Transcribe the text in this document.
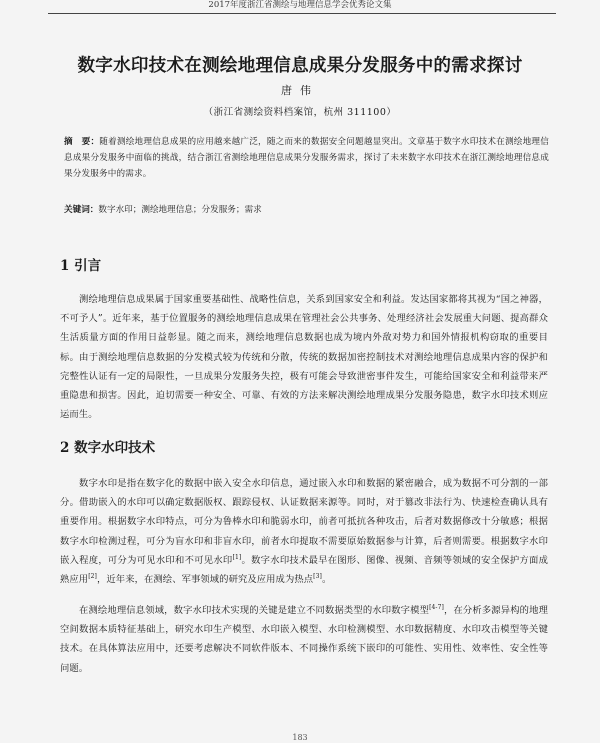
2017年度浙江省测绘与地理信息学会优秀论文集
数字水印技术在测绘地理信息成果分发服务中的需求探讨
唐伟
（浙江省测绘资料档案馆，杭州 311100）
摘　要：随着测绘地理信息成果的应用越来越广泛，随之而来的数据安全问题越显突出。文章基于数字水印技术在测绘地理信息成果分发服务中面临的挑战，结合浙江省测绘地理信息成果分发服务需求，探讨了未来数字水印技术在浙江测绘地理信息成果分发服务中的需求。
关键词：数字水印；测绘地理信息；分发服务；需求
1 引言
测绘地理信息成果属于国家重要基础性、战略性信息，关系到国家安全和利益。发达国家都将其视为“国之神器，不可予人”。近年来，基于位置服务的测绘地理信息成果在管理社会公共事务、处理经济社会发展重大问题、提高群众生活质量方面的作用日益彰显。随之而来，测绘地理信息数据也成为境内外敌对势力和国外情报机构窃取的重要目标。由于测绘地理信息数据的分发模式较为传统和分散，传统的数据加密控制技术对测绘地理信息成果内容的保护和完整性认证有一定的局限性，一旦成果分发服务失控，极有可能会导致泄密事件发生，可能给国家安全和利益带来严重隐患和损害。因此，迫切需要一种安全、可靠、有效的方法来解决测绘地理成果分发服务隐患，数字水印技术则应运而生。
2 数字水印技术
数字水印是指在数字化的数据中嵌入安全水印信息，通过嵌入水印和数据的紧密融合，成为数据不可分割的一部分。借助嵌入的水印可以确定数据版权、跟踪侵权、认证数据来源等。同时，对于篡改非法行为、快速检查确认具有重要作用。根据数字水印特点，可分为鲁棒水印和脆弱水印，前者可抵抗各种攻击，后者对数据修改十分敏感；根据数字水印检测过程，可分为盲水印和非盲水印，前者水印提取不需要原始数据参与计算，后者则需要。根据数字水印嵌入程度，可分为可见水印和不可见水印[1]。数字水印技术最早在图形、图像、视频、音频等领域的安全保护方面成熟应用[2]，近年来，在测绘、军事领域的研究及应用成为热点[3]。
在测绘地理信息领域，数字水印技术实现的关键是建立不同数据类型的水印数字模型[4-7]，在分析多源异构的地理空间数据本质特征基础上，研究水印生产模型、水印嵌入模型、水印检测模型、水印数据精度、水印攻击模型等关键技术。在具体算法应用中，还要考虑解决不同软件版本、不同操作系统下嵌印的可能性、实用性、效率性、安全性等问题。
183
